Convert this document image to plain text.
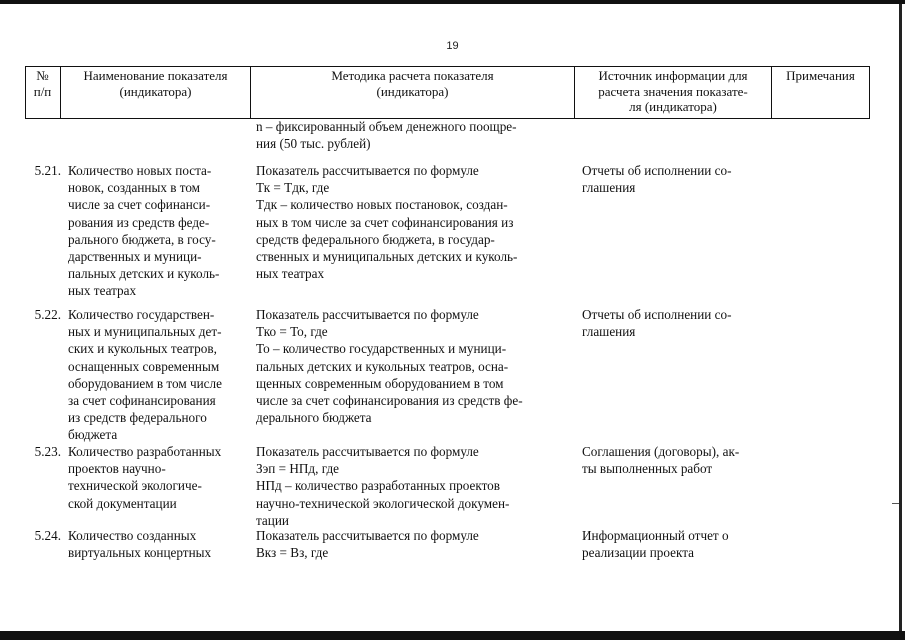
19
№
п/п
Наименование показателя
(индикатора)
Методика расчета показателя
(индикатора)
Источник информации для
расчета значения показате-
ля (индикатора)
Примечания
n – фиксированный объем денежного поощре-
ния (50 тыс. рублей)
5.21. Количество новых поста-
новок, созданных в том
числе за счет софинанси-
рования из средств феде-
рального бюджета, в госу-
дарственных и муници-
пальных детских и куколь-
ных театрах
Показатель рассчитывается по формуле
Тк = Тдк, где
Тдк – количество новых постановок, создан-
ных в том числе за счет софинансирования из
средств федерального бюджета, в государ-
ственных и муниципальных детских и куколь-
ных театрах
Отчеты об исполнении со-
глашения
5.22. Количество государствен-
ных и муниципальных дет-
ских и кукольных театров,
оснащенных современным
оборудованием в том числе
за счет софинансирования
из средств федерального
бюджета
Показатель рассчитывается по формуле
Тко = То, где
То – количество государственных и муници-
пальных детских и кукольных театров, осна-
щенных современным оборудованием в том
числе за счет софинансирования из средств фе-
дерального бюджета
Отчеты об исполнении со-
глашения
5.23. Количество разработанных
проектов научно-
технической экологиче-
ской документации
Показатель рассчитывается по формуле
Зэп = НПд, где
НПд – количество разработанных проектов
научно-технической экологической докумен-
тации
Соглашения (договоры), ак-
ты выполненных работ
5.24. Количество созданных
виртуальных концертных
Показатель рассчитывается по формуле
Вкз = Вз, где
Информационный отчет о
реализации проекта
